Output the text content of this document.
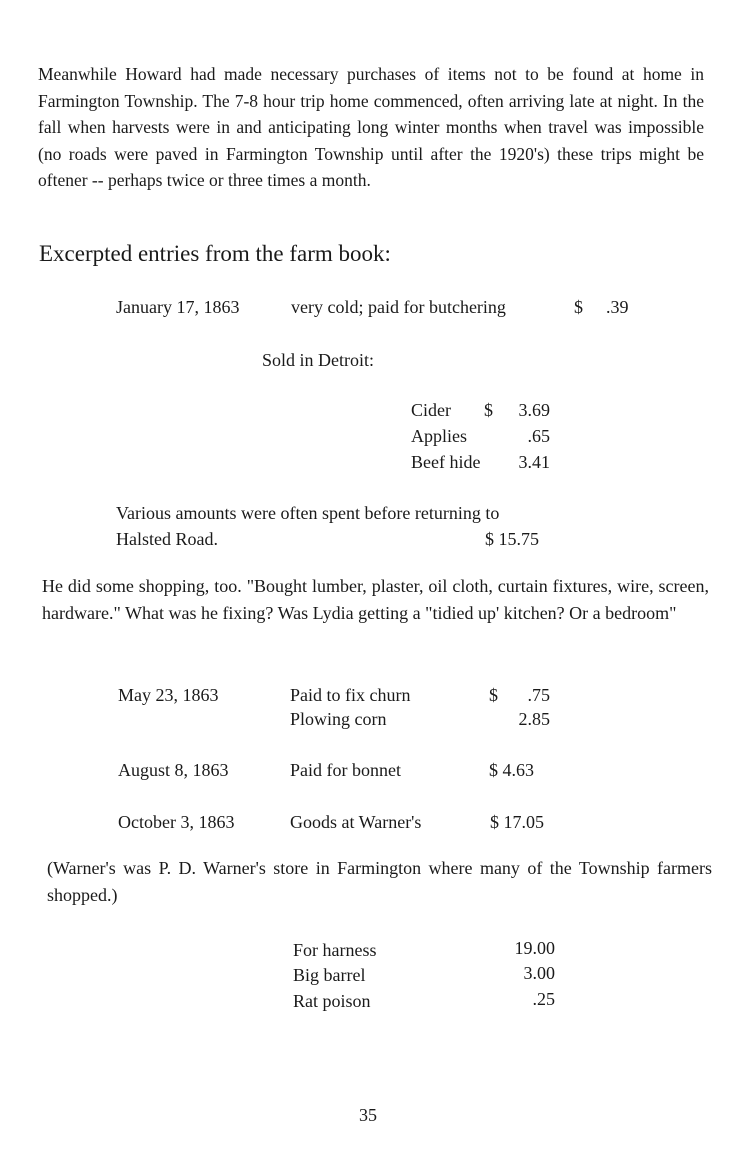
Meanwhile Howard had made necessary purchases of items not to be found at home in Farmington Township. The 7-8 hour trip home commenced, often arriving late at night. In the fall when harvests were in and anticipating long winter months when travel was impossible (no roads were paved in Farmington Township until after the 1920's) these trips might be oftener -- perhaps twice or three times a month.
Excerpted entries from the farm book:
January 17, 1863	very cold; paid for butchering	$ .39
Sold in Detroit:
Cider $	3.69
Applies	.65
Beef hide	3.41
Various amounts were often spent before returning to
Halsted Road.	$ 15.75
He did some shopping, too. "Bought lumber, plaster, oil cloth, curtain fixtures, wire, screen, hardware." What was he fixing? Was Lydia getting a "tidied up' kitchen? Or a bedroom"
May 23, 1863	Paid to fix churn	$	.75
Plowing corn	2.85
August 8, 1863	Paid for bonnet	$ 4.63
October 3, 1863	Goods at Warner's	$ 17.05
(Warner's was P. D. Warner's store in Farmington where many of the Township farmers shopped.)
For harness	19.00
Big barrel	3.00
Rat poison	.25
35
